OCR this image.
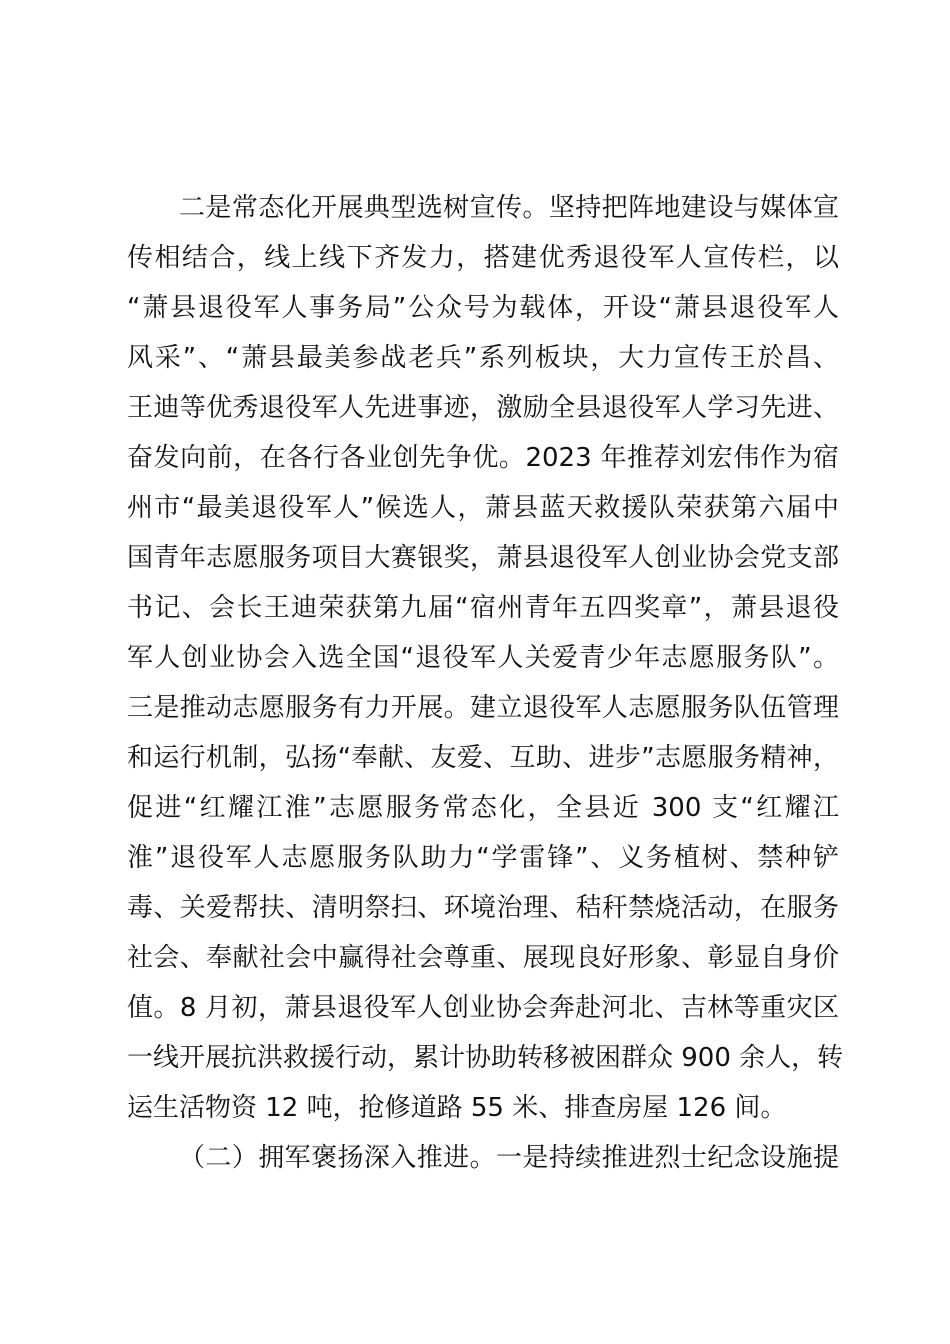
二是常态化开展典型选树宣传。坚持把阵地建设与媒体宣
传相结合，线上线下齐发力，搭建优秀退役军人宣传栏，以
“萧县退役军人事务局”公众号为载体，开设“萧县退役军人
风采”、“萧县最美参战老兵”系列板块，大力宣传王於昌、
王迪等优秀退役军人先进事迹，激励全县退役军人学习先进、
奋发向前，在各行各业创先争优。2023 年推荐刘宏伟作为宿
州市“最美退役军人”候选人，萧县蓝天救援队荣获第六届中
国青年志愿服务项目大赛银奖，萧县退役军人创业协会党支部
书记、会长王迪荣获第九届“宿州青年五四奖章”，萧县退役
军人创业协会入选全国“退役军人关爱青少年志愿服务队”。
三是推动志愿服务有力开展。建立退役军人志愿服务队伍管理
和运行机制，弘扬“奉献、友爱、互助、进步”志愿服务精神，
促进“红耀江淮”志愿服务常态化，全县近 300 支“红耀江
淮”退役军人志愿服务队助力“学雷锋”、义务植树、禁种铲
毒、关爱帮扶、清明祭扫、环境治理、秸秆禁烧活动，在服务
社会、奉献社会中赢得社会尊重、展现良好形象、彰显自身价
值。8 月初，萧县退役军人创业协会奔赴河北、吉林等重灾区
一线开展抗洪救援行动，累计协助转移被困群众 900 余人，转
运生活物资 12 吨，抢修道路 55 米、排查房屋 126 间。
（二）拥军褒扬深入推进。一是持续推进烈士纪念设施提
